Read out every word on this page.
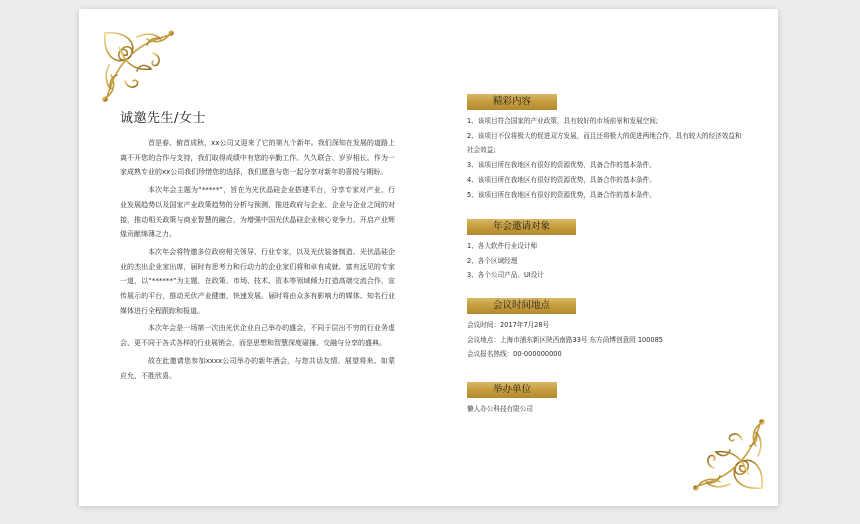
诚邀先生/女士

首是春、俯首成秋，xx公司又迎来了它的第九个新年。我们深知在发展的道路上离不开您的合作与支持，我们取得成绩中有您的辛勤工作。久久联合、岁岁相长。作为一家成熟专业的xx公司我们珍惜您的选择，我们愿意与您一起分享对新年的喜悦与期盼。

本次年会主题为“*****”，旨在为光伏晶硅企业搭建平台，分享专家对产业、行业发展趋势以及国家产业政策趋势的分析与预测，推进政府与企业、企业与企业之间的对接，推动相关政策与商业智慧的融合，为增强中国光伏晶硅企业核心竞争力、开启产业辉煌贡献绵薄之力。

本次年会将特邀多位政府相关领导、行业专家，以及光伏装备制造、光伏晶硅企业的杰出企业家出席，届时有思考力和行动力的企业家们将和卓有成就、富有远见的专家一道，以“******”为主题，在政策、市场、技术、资本等领域倾力打造高端交流合作、宣传展示的平台，推动光伏产业健康、快速发展。届时将由众多有影响力的媒体、知名行业媒体进行全程跟踪和报道。

本次年会是一场第一次由光伏企业自己举办的盛会，不同于层出不穷的行业务虚会、更不同于各式各样的行业展销会，而是思想和智慧深度碰撞、交融与分享的盛典。

故在此邀请您参加xxxx公司举办的新年酒会，与您共话友情、展望将来。如蒙应允、不胜欣喜。

精彩内容
1、该项目符合国家的产业政策，具有较好的市场前景和发展空间;
2、该项目不仅将极大的促进双方发展，而且还将极大的促进两地合作，具有较大的经济效益和社会效益;
3、该项目所在我地区有很好的资源优势，具备合作的基本条件。
4、该项目所在我地区有很好的资源优势，具备合作的基本条件。
5、该项目所在我地区有很好的资源优势，具备合作的基本条件。
年会邀请对象
1、各大软件行业设计师
2、各个区域经理
3、各个公司产品、UI设计
会议时间地点
会议时间：2017年7月28号
会议地点：上海市浦东新区陕西南路33号 东方尚博创意园 100085
会议报名热线：00-000000000
举办单位
懒人办公科技有限公司
